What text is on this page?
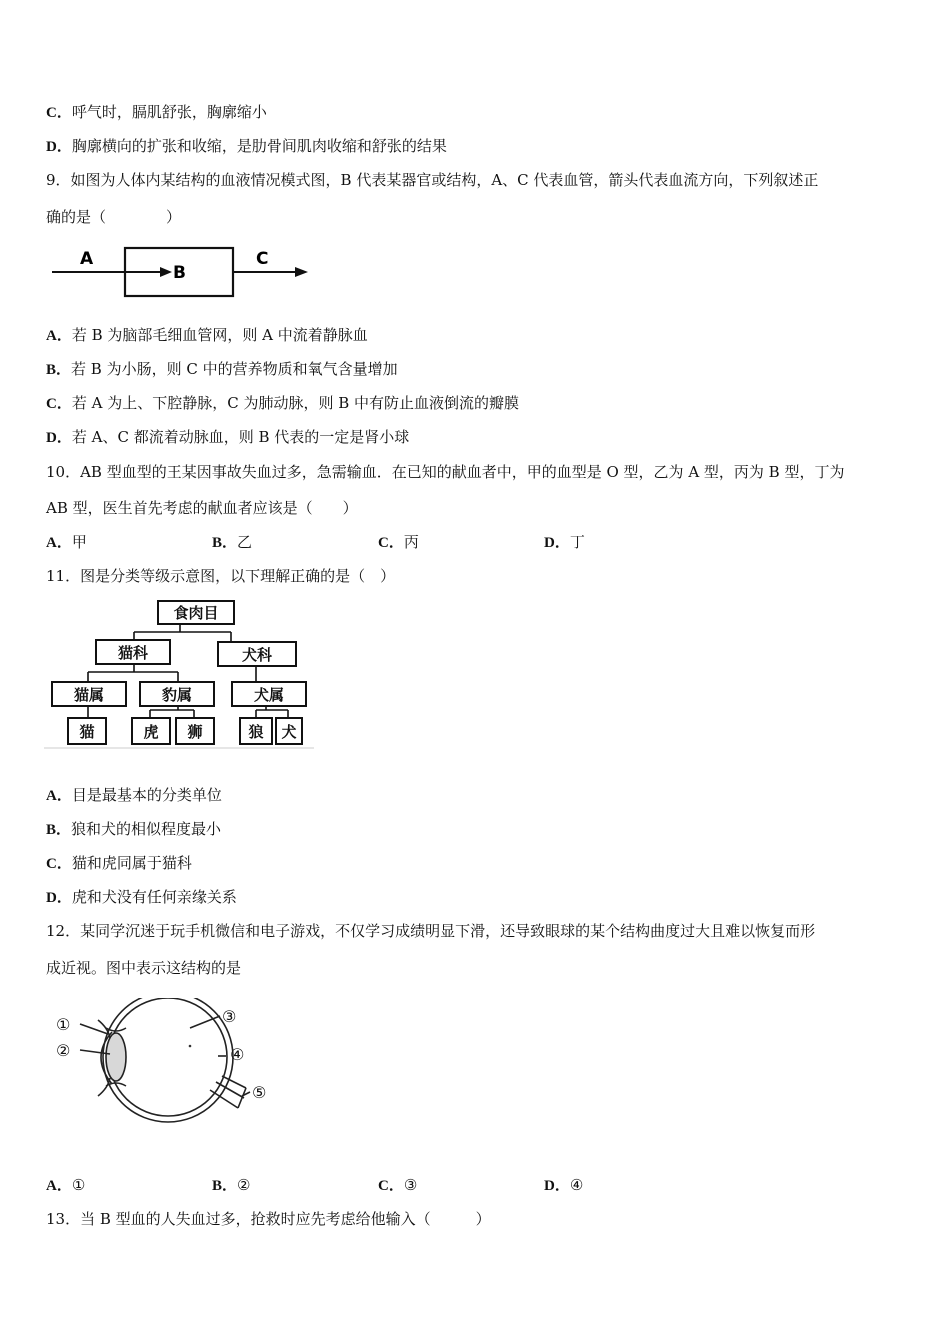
C．呼气时，膈肌舒张，胸廓缩小
D．胸廓横向的扩张和收缩，是肋骨间肌肉收缩和舒张的结果
9．如图为人体内某结构的血液情况模式图，B 代表某器官或结构，A、C 代表血管，箭头代表血流方向，下列叙述正
确的是（　　　　）
A
B
C
A．若 B 为脑部毛细血管网，则 A 中流着静脉血
B．若 B 为小肠，则 C 中的营养物质和氧气含量增加
C．若 A 为上、下腔静脉，C 为肺动脉，则 B 中有防止血液倒流的瓣膜
D．若 A、C 都流着动脉血，则 B 代表的一定是肾小球
10．AB 型血型的王某因事故失血过多，急需输血．在已知的献血者中，甲的血型是 O 型，乙为 A 型，丙为 B 型，丁为
AB 型，医生首先考虑的献血者应该是（　　）
A．甲	B．乙	C．丙	D．丁
11．图是分类等级示意图，以下理解正确的是（　）
食肉目
猫科	犬科
猫属	豹属	犬属
猫	虎 狮	狼 犬
A．目是最基本的分类单位
B．狼和犬的相似程度最小
C．猫和虎同属于猫科
D．虎和犬没有任何亲缘关系
12．某同学沉迷于玩手机微信和电子游戏，不仅学习成绩明显下滑，还导致眼球的某个结构曲度过大且难以恢复而形
成近视。图中表示这结构的是
①
②
③
④
⑤
A．①	B．②	C．③	D．④
13．当 B 型血的人失血过多，抢救时应先考虑给他输入（　　　）
